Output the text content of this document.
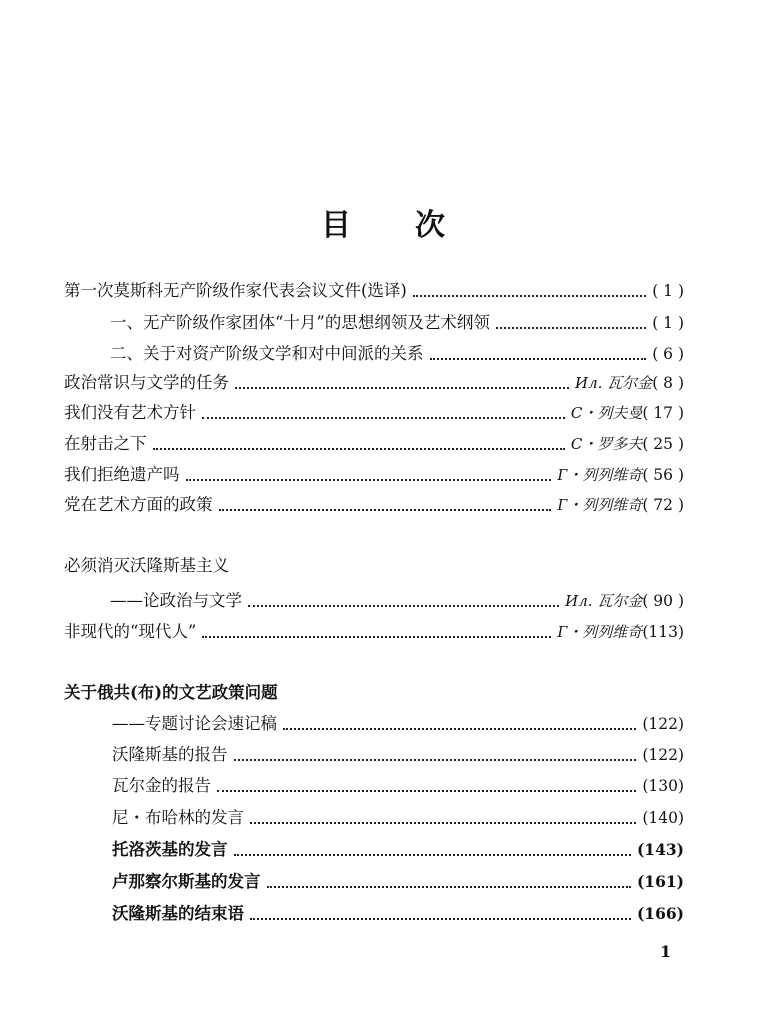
目 次
第一次莫斯科无产阶级作家代表会议文件(选译)	( 1 )
一、无产阶级作家团体“十月”的思想纲领及艺术纲领	( 1 )
二、关于对资产阶级文学和对中间派的关系	( 6 )
政治常识与文学的任务	Ил. 瓦尔金 ( 8 )
我们没有艺术方针	С・列夫曼 ( 17 )
在射击之下	С・罗多夫 ( 25 )
我们拒绝遗产吗	Г・列列维奇 ( 56 )
党在艺术方面的政策	Г・列列维奇 ( 72 )
必须消灭沃隆斯基主义
——论政治与文学	Ил. 瓦尔金 ( 90 )
非现代的“现代人”	Г・列列维奇 (113)
关于俄共(布)的文艺政策问题
——专题讨论会速记稿	(122)
沃隆斯基的报告	(122)
瓦尔金的报告	(130)
尼・布哈林的发言	(140)
托洛茨基的发言	(143)
卢那察尔斯基的发言	(161)
沃隆斯基的结束语	(166)
1
